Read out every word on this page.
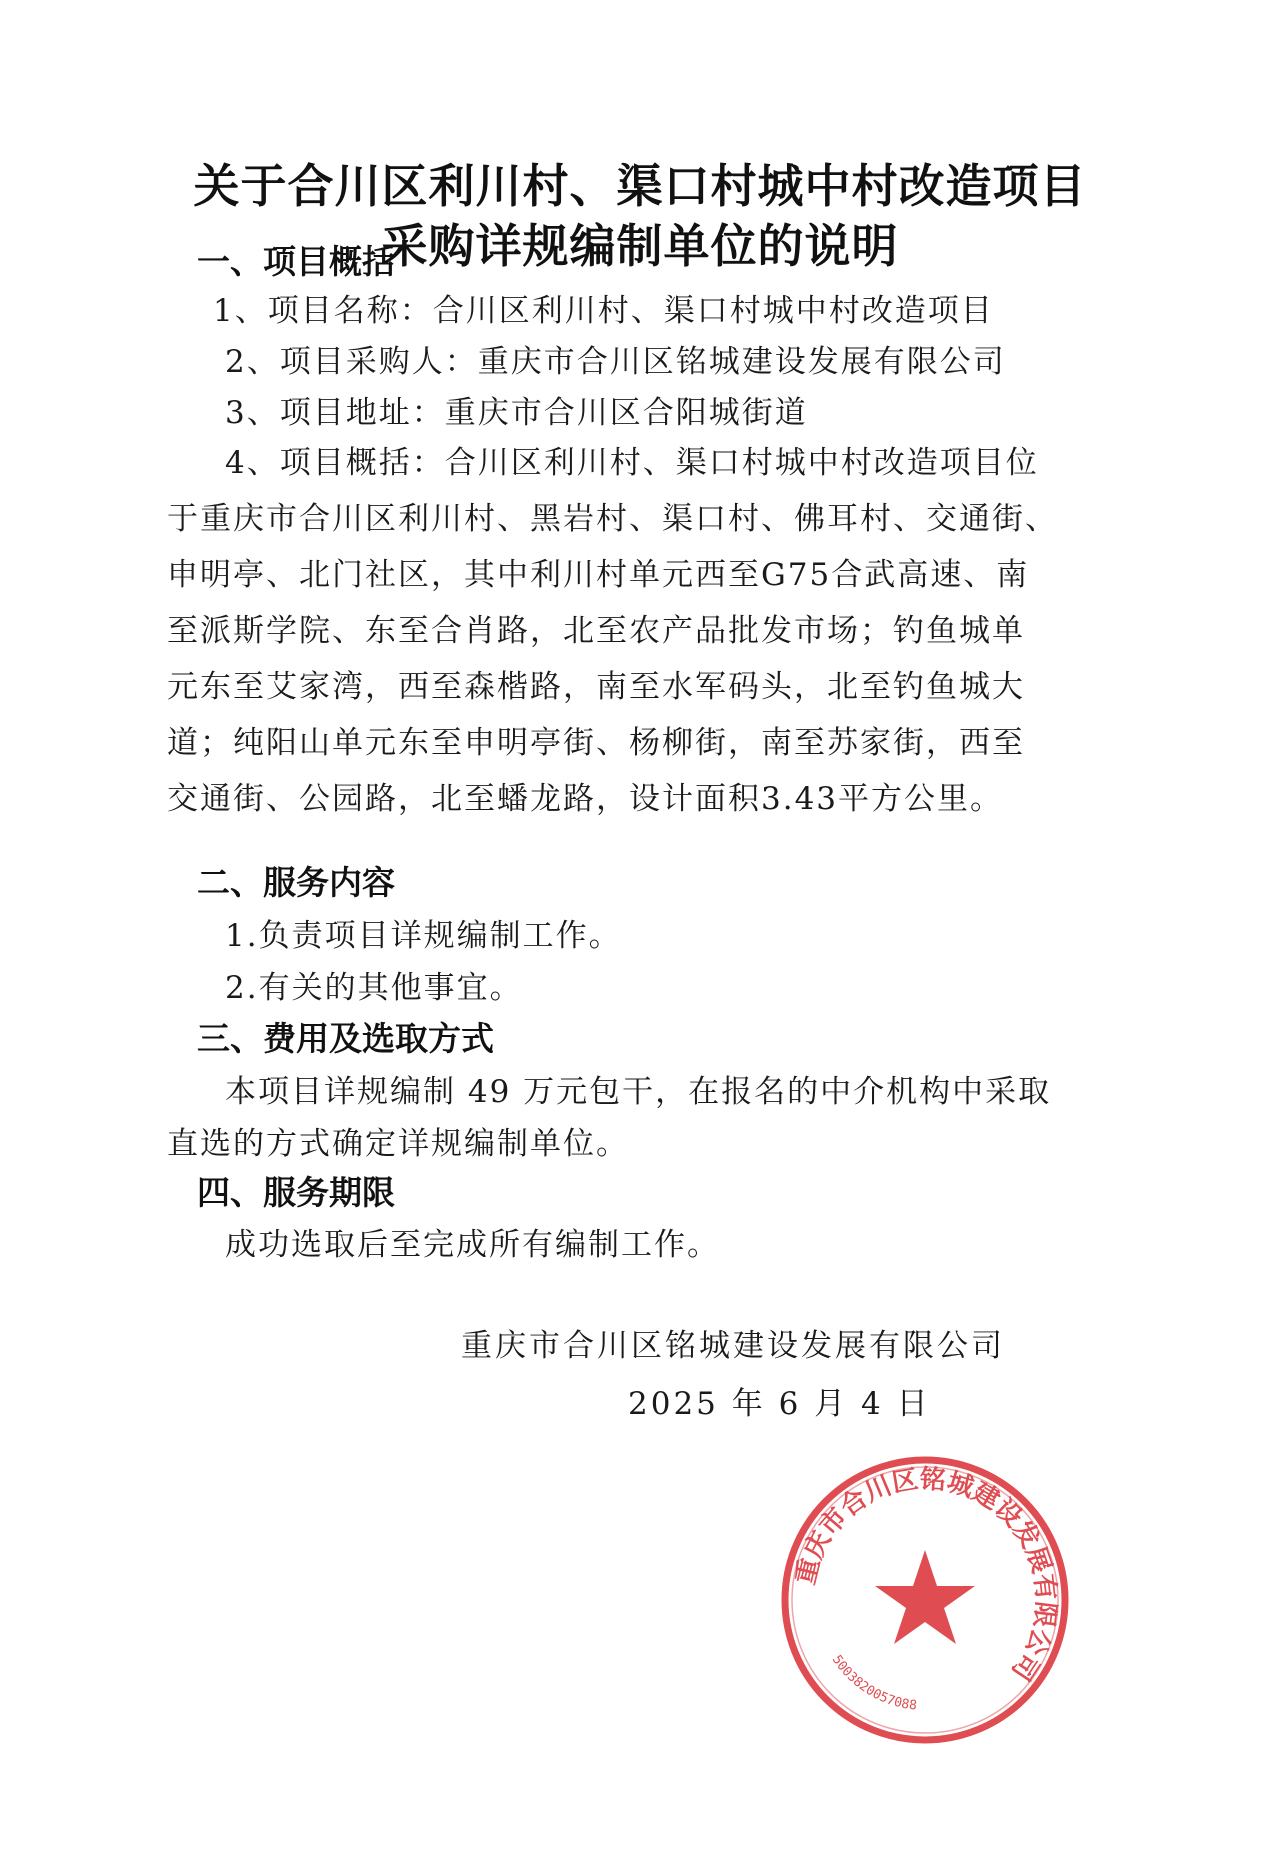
关于合川区利川村、渠口村城中村改造项目
采购详规编制单位的说明
一、项目概括
1、项目名称：合川区利川村、渠口村城中村改造项目
2、项目采购人：重庆市合川区铭城建设发展有限公司
3、项目地址：重庆市合川区合阳城街道
4、项目概括：合川区利川村、渠口村城中村改造项目位
于重庆市合川区利川村、黑岩村、渠口村、佛耳村、交通街、
申明亭、北门社区，其中利川村单元西至G75合武高速、南
至派斯学院、东至合肖路，北至农产品批发市场；钓鱼城单
元东至艾家湾，西至森楷路，南至水军码头，北至钓鱼城大
道；纯阳山单元东至申明亭街、杨柳街，南至苏家街，西至
交通街、公园路，北至蟠龙路，设计面积3.43平方公里。
二、服务内容
1.负责项目详规编制工作。
2.有关的其他事宜。
三、费用及选取方式
本项目详规编制 49 万元包干，在报名的中介机构中采取
直选的方式确定详规编制单位。
四、服务期限
成功选取后至完成所有编制工作。
重庆市合川区铭城建设发展有限公司
2025 年 6 月 4 日
重庆市合川区铭城建设发展有限公司
5003820057088
